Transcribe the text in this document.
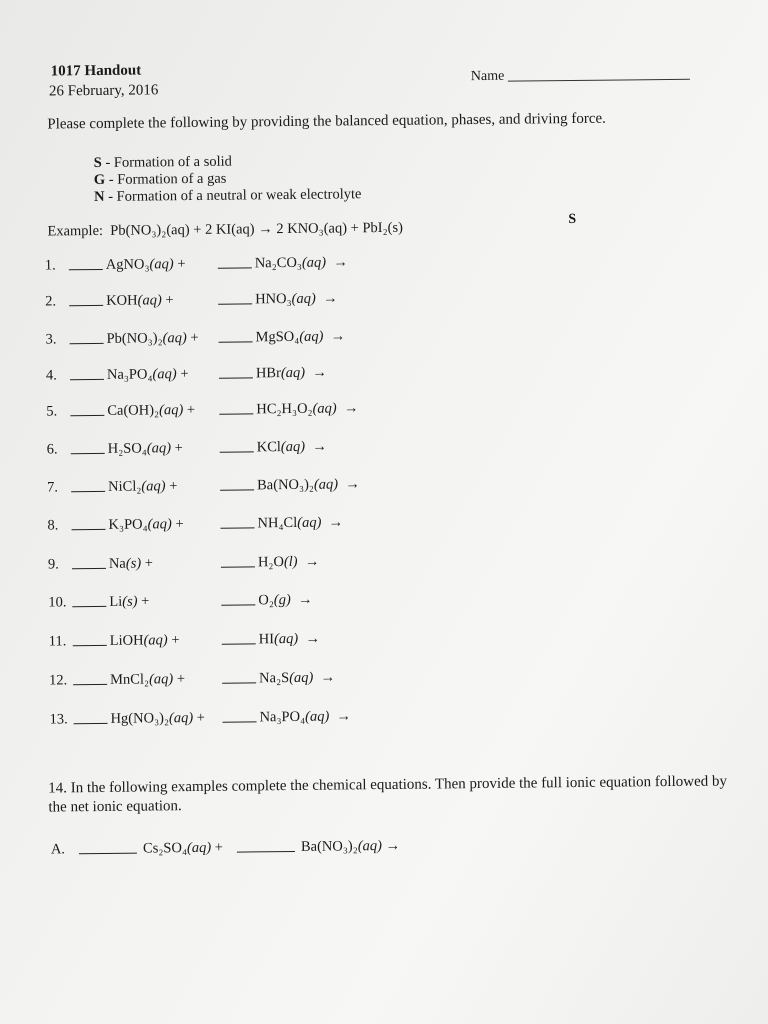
1017 Handout
26 February, 2016
Name
Please complete the following by providing the balanced equation, phases, and driving force.
S - Formation of a solid
G - Formation of a gas
N - Formation of a neutral or weak electrolyte
Example: Pb(NO₃)₂(aq) + 2 KI(aq) → 2 KNO₃(aq) + PbI₂(s)
S
1.	AgNO₃(aq) +	Na₂CO₃(aq) →
2.	KOH(aq) +	HNO₃(aq) →
3.	Pb(NO₃)₂(aq) +	MgSO₄(aq) →
4.	Na₃PO₄(aq) +	HBr(aq) →
5.	Ca(OH)₂(aq) +	HC₂H₃O₂(aq) →
6.	H₂SO₄(aq) +	KCl(aq) →
7.	NiCl₂(aq) +	Ba(NO₃)₂(aq) →
8.	K₃PO₄(aq) +	NH₄Cl(aq) →
9.	Na(s) +	H₂O(l) →
10.	Li(s) +	O₂(g) →
11.	LiOH(aq) +	HI(aq) →
12.	MnCl₂(aq) +	Na₂S(aq) →
13.	Hg(NO₃)₂(aq) +	Na₃PO₄(aq) →
14. In the following examples complete the chemical equations. Then provide the full ionic equation followed by the net ionic equation.
A.	Cs₂SO₄(aq) +	Ba(NO₃)₂(aq) →
